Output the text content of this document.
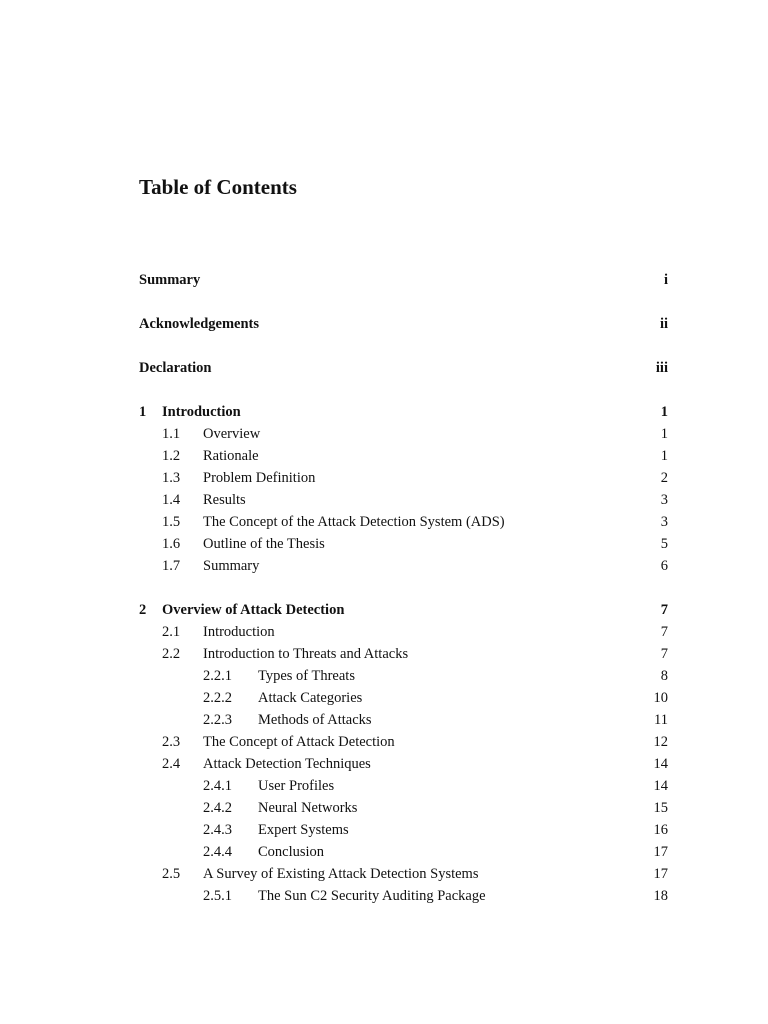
Table of Contents
Summary	i
Acknowledgements	ii
Declaration	iii
1 Introduction	1
1.1 Overview	1
1.2 Rationale	1
1.3 Problem Definition	2
1.4 Results	3
1.5 The Concept of the Attack Detection System (ADS)	3
1.6 Outline of the Thesis	5
1.7 Summary	6
2 Overview of Attack Detection	7
2.1 Introduction	7
2.2 Introduction to Threats and Attacks	7
2.2.1 Types of Threats	8
2.2.2 Attack Categories	10
2.2.3 Methods of Attacks	11
2.3 The Concept of Attack Detection	12
2.4 Attack Detection Techniques	14
2.4.1 User Profiles	14
2.4.2 Neural Networks	15
2.4.3 Expert Systems	16
2.4.4 Conclusion	17
2.5 A Survey of Existing Attack Detection Systems	17
2.5.1 The Sun C2 Security Auditing Package	18
